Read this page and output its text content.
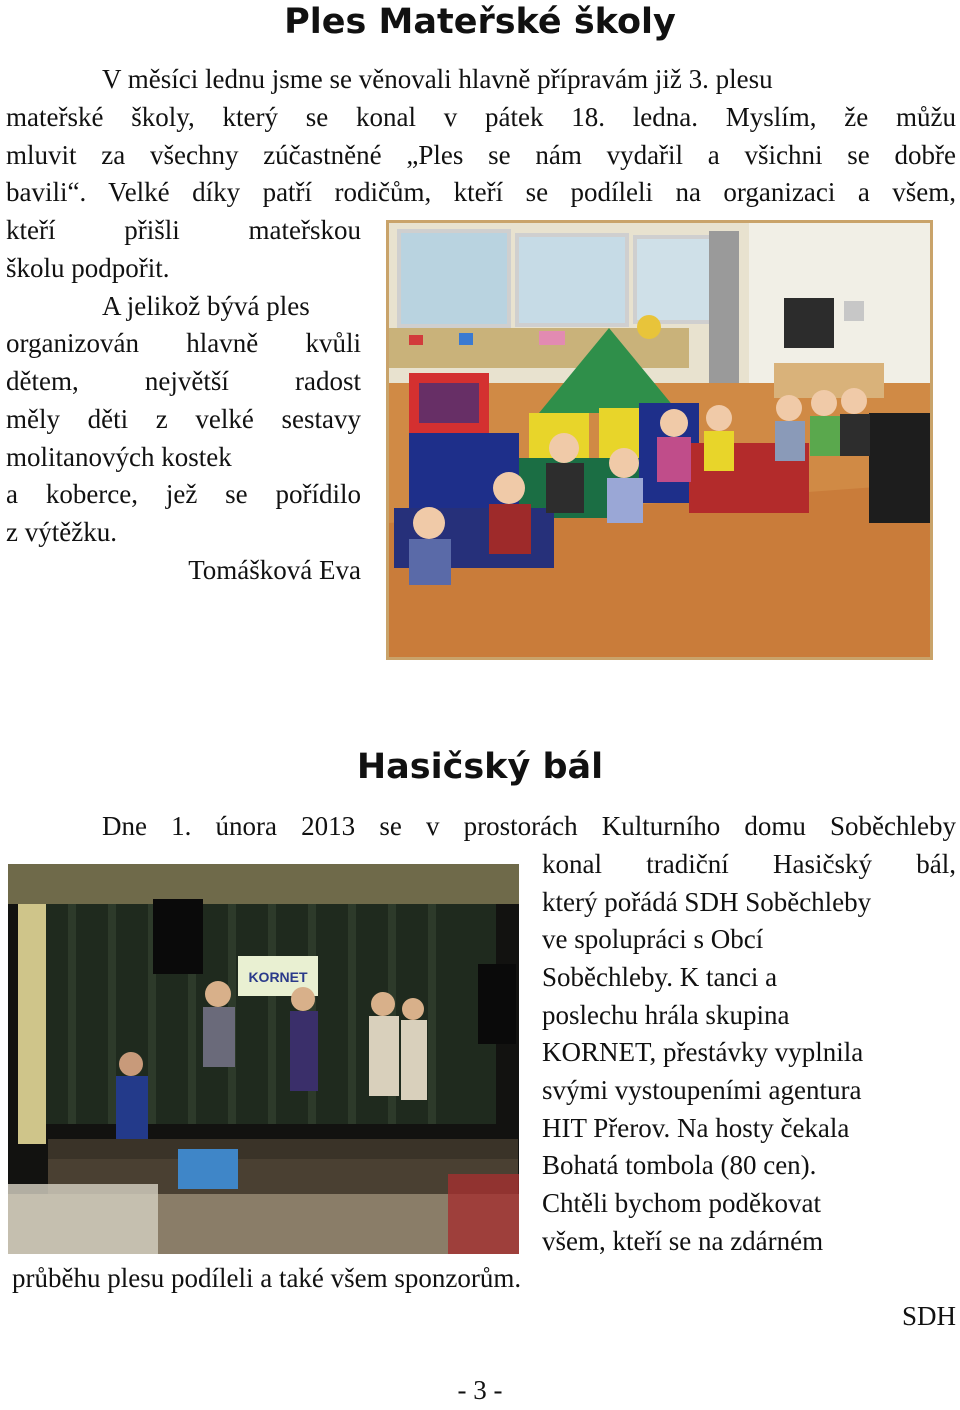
Ples Mateřské školy
V měsíci lednu jsme se věnovali hlavně přípravám již 3. plesu
mateřské školy, který se konal v pátek 18. ledna. Myslím, že můžu
mluvit za všechny zúčastněné „Ples se nám vydařil a všichni se dobře
bavili“. Velké díky patří rodičům, kteří se podíleli na organizaci a všem,
kteří přišli mateřskou
školu podpořit.
A jelikož bývá ples
organizován hlavně kvůli
dětem, největší radost
měly děti z velké sestavy
molitanových kostek
a koberce, jež se pořídilo
z výtěžku.
Tomášková Eva
Hasičský bál
Dne 1. února 2013 se v prostorách Kulturního domu Soběchleby
konal tradiční Hasičský bál,
který pořádá SDH Soběchleby
ve spolupráci s Obcí
Soběchleby. K tanci a
poslechu hrála skupina
KORNET, přestávky vyplnila
svými vystoupeními agentura
HIT Přerov. Na hosty čekala
Bohatá tombola (80 cen).
Chtěli bychom poděkovat
všem, kteří se na zdárném
průběhu plesu podíleli a také všem sponzorům.
SDH
KORNET
- 3 -
